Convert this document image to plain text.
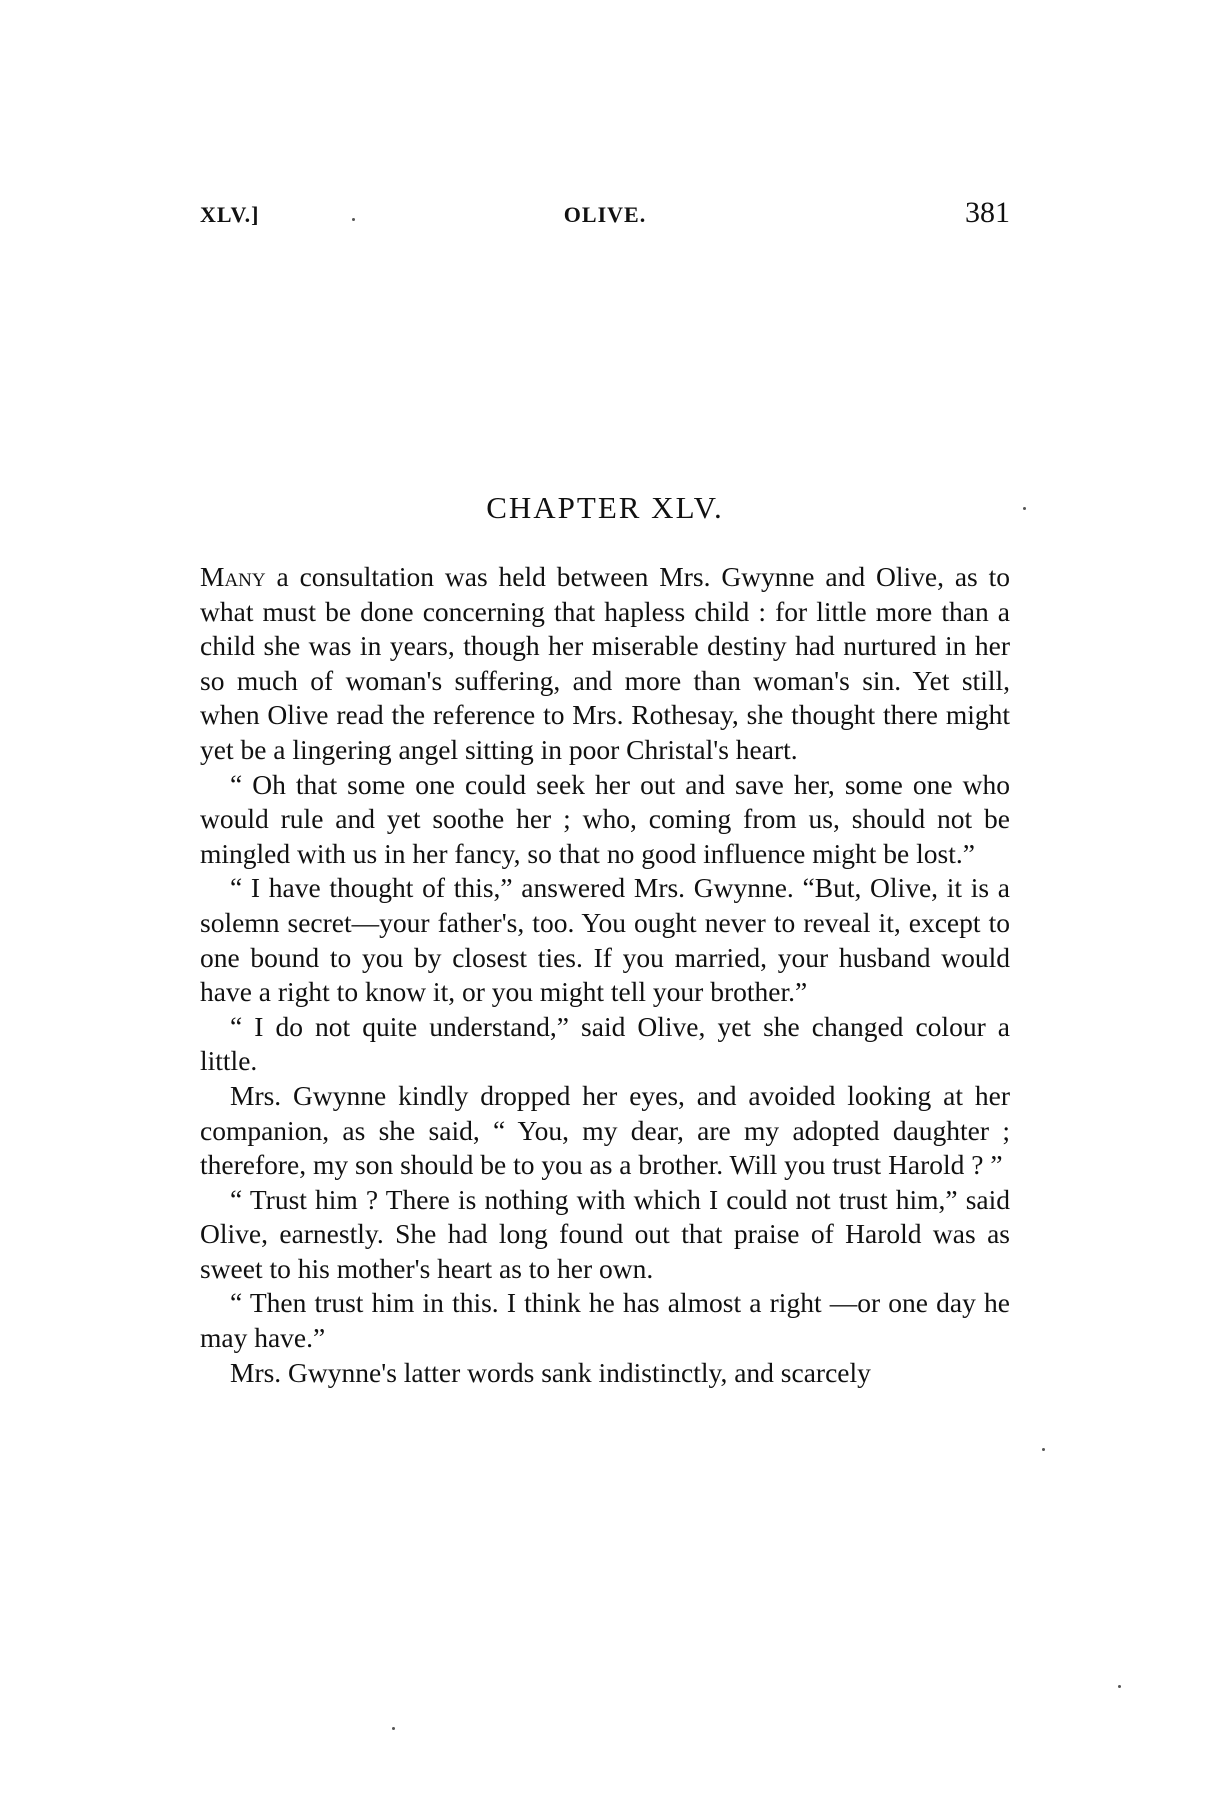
XLV.]	OLIVE.	381
CHAPTER XLV.

Many a consultation was held between Mrs. Gwynne and Olive, as to what must be done concerning that hapless child : for little more than a child she was in years, though her miserable destiny had nurtured in her so much of woman's suffering, and more than woman's sin. Yet still, when Olive read the reference to Mrs. Rothesay, she thought there might yet be a lingering angel sitting in poor Christal's heart.

“ Oh that some one could seek her out and save her, some one who would rule and yet soothe her ; who, coming from us, should not be mingled with us in her fancy, so that no good influence might be lost.”

“ I have thought of this,” answered Mrs. Gwynne. “But, Olive, it is a solemn secret—your father's, too. You ought never to reveal it, except to one bound to you by closest ties. If you married, your husband would have a right to know it, or you might tell your brother.”

“ I do not quite understand,” said Olive, yet she changed colour a little.

Mrs. Gwynne kindly dropped her eyes, and avoided looking at her companion, as she said, “ You, my dear, are my adopted daughter ; therefore, my son should be to you as a brother. Will you trust Harold ? ”

“ Trust him ? There is nothing with which I could not trust him,” said Olive, earnestly. She had long found out that praise of Harold was as sweet to his mother's heart as to her own.

“ Then trust him in this. I think he has almost a right —or one day he may have.”

Mrs. Gwynne's latter words sank indistinctly, and scarcely
